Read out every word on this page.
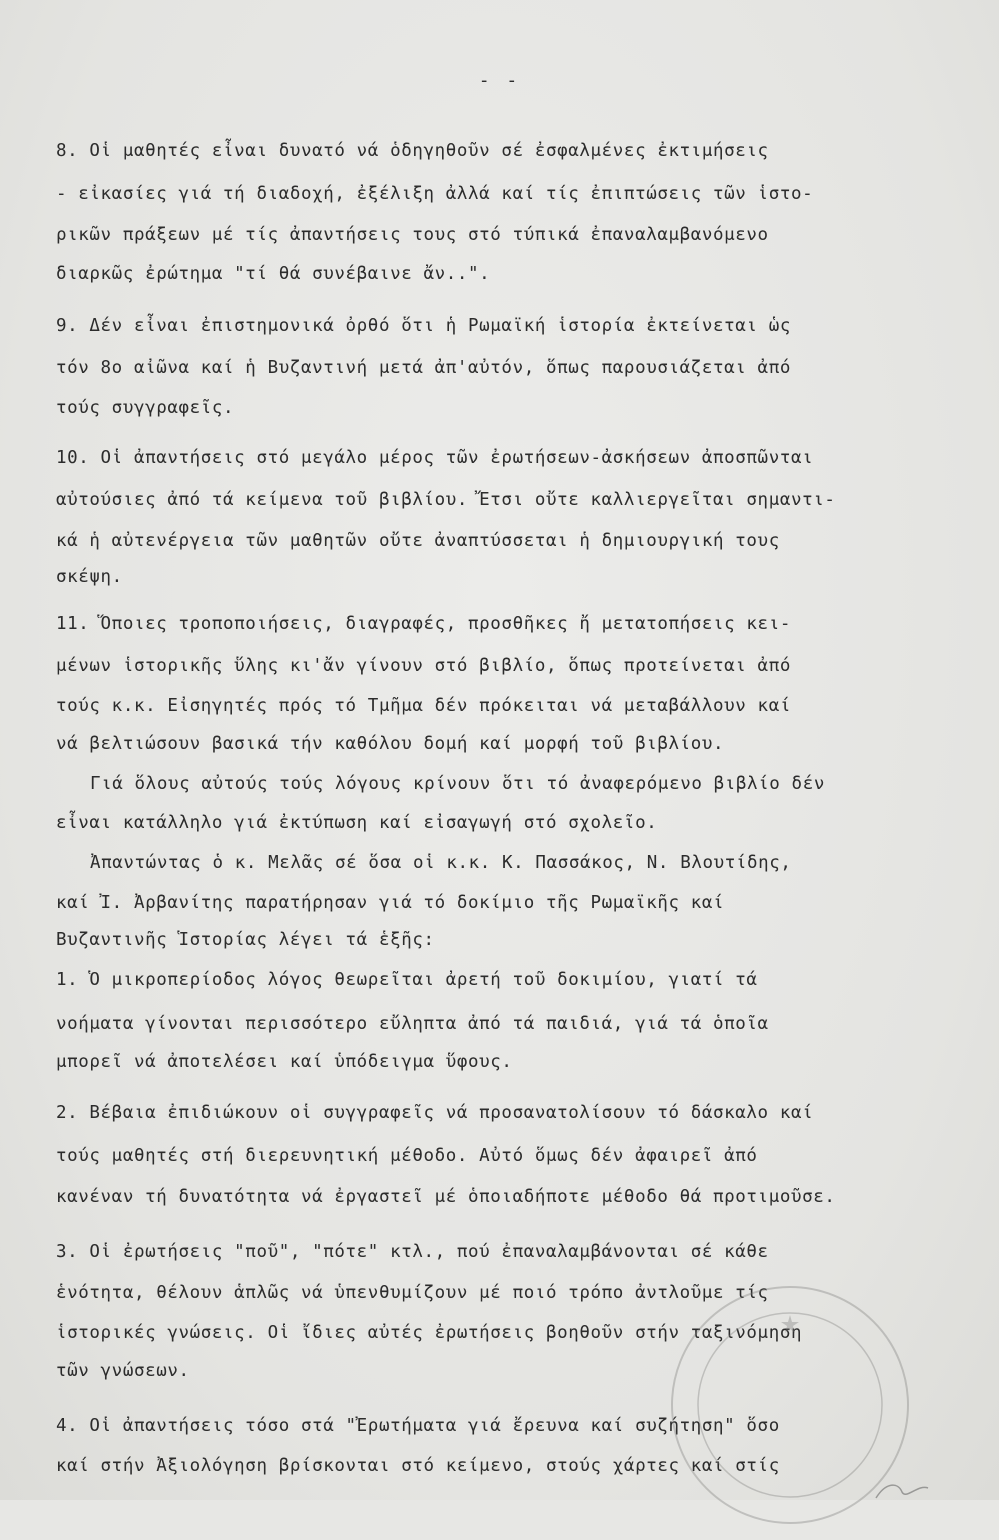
- -
8. Οἱ μαθητές εἶναι δυνατό νά ὁδηγηθοῦν σέ ἐσφαλμένες ἐκτιμήσεις
- εἰκασίες γιά τή διαδοχή, ἐξέλιξη ἀλλά καί τίς ἐπιπτώσεις τῶν ἱστο-
ρικῶν πράξεων μέ τίς ἀπαντήσεις τους στό τύπικά ἐπαναλαμβανόμενο
διαρκῶς ἐρώτημα "τί θά συνέβαινε ἄν..".
9. Δέν εἶναι ἐπιστημονικά ὀρθό ὅτι ἡ Ρωμαϊκή ἱστορία ἐκτείνεται ὡς
τόν 8ο αἰῶνα καί ἡ Βυζαντινή μετά ἀπ'αὐτόν, ὅπως παρουσιάζεται ἀπό
τούς συγγραφεῖς.
10. Οἱ ἀπαντήσεις στό μεγάλο μέρος τῶν ἐρωτήσεων-ἀσκήσεων ἀποσπῶνται
αὐτούσιες ἀπό τά κείμενα τοῦ βιβλίου. Ἔτσι οὔτε καλλιεργεῖται σημαντι-
κά ἡ αὐτενέργεια τῶν μαθητῶν οὔτε ἀναπτύσσεται ἡ δημιουργική τους
σκέψη.
11. Ὅποιες τροποποιήσεις, διαγραφές, προσθῆκες ἤ μετατοπήσεις κει-
μένων ἱστορικῆς ὕλης κι'ἄν γίνουν στό βιβλίο, ὅπως προτείνεται ἀπό
τούς κ.κ. Εἰσηγητές πρός τό Τμῆμα δέν πρόκειται νά μεταβάλλουν καί
νά βελτιώσουν βασικά τήν καθόλου δομή καί μορφή τοῦ βιβλίου.
Γιά ὅλους αὐτούς τούς λόγους κρίνουν ὅτι τό ἀναφερόμενο βιβλίο δέν
εἶναι κατάλληλο γιά ἐκτύπωση καί εἰσαγωγή στό σχολεῖο.
Ἀπαντώντας ὁ κ. Μελᾶς σέ ὅσα οἱ κ.κ. Κ. Πασσάκος, Ν. Βλουτίδης,
καί Ἰ. Ἀρβανίτης παρατήρησαν γιά τό δοκίμιο τῆς Ρωμαϊκῆς καί
Βυζαντινῆς Ἱστορίας λέγει τά ἑξῆς:
1. Ὁ μικροπερίοδος λόγος θεωρεῖται ἀρετή τοῦ δοκιμίου, γιατί τά
νοήματα γίνονται περισσότερο εὔληπτα ἀπό τά παιδιά, γιά τά ὁποῖα
μπορεῖ νά ἀποτελέσει καί ὑπόδειγμα ὕφους.
2. Βέβαια ἐπιδιώκουν οἱ συγγραφεῖς νά προσανατολίσουν τό δάσκαλο καί
τούς μαθητές στή διερευνητική μέθοδο. Αὐτό ὅμως δέν ἀφαιρεῖ ἀπό
κανέναν τή δυνατότητα νά ἐργαστεῖ μέ ὁποιαδήποτε μέθοδο θά προτιμοῦσε.
3. Οἱ ἐρωτήσεις "ποῦ", "πότε" κτλ., πού ἐπαναλαμβάνονται σέ κάθε
ἑνότητα, θέλουν ἁπλῶς νά ὑπενθυμίζουν μέ ποιό τρόπο ἀντλοῦμε τίς
ἱστορικές γνώσεις. Οἱ ἴδιες αὐτές ἐρωτήσεις βοηθοῦν στήν ταξινόμηση
τῶν γνώσεων.
4. Οἱ ἀπαντήσεις τόσο στά "Ἐρωτήματα γιά ἔρευνα καί συζήτηση" ὅσο
καί στήν Ἀξιολόγηση βρίσκονται στό κείμενο, στούς χάρτες καί στίς
